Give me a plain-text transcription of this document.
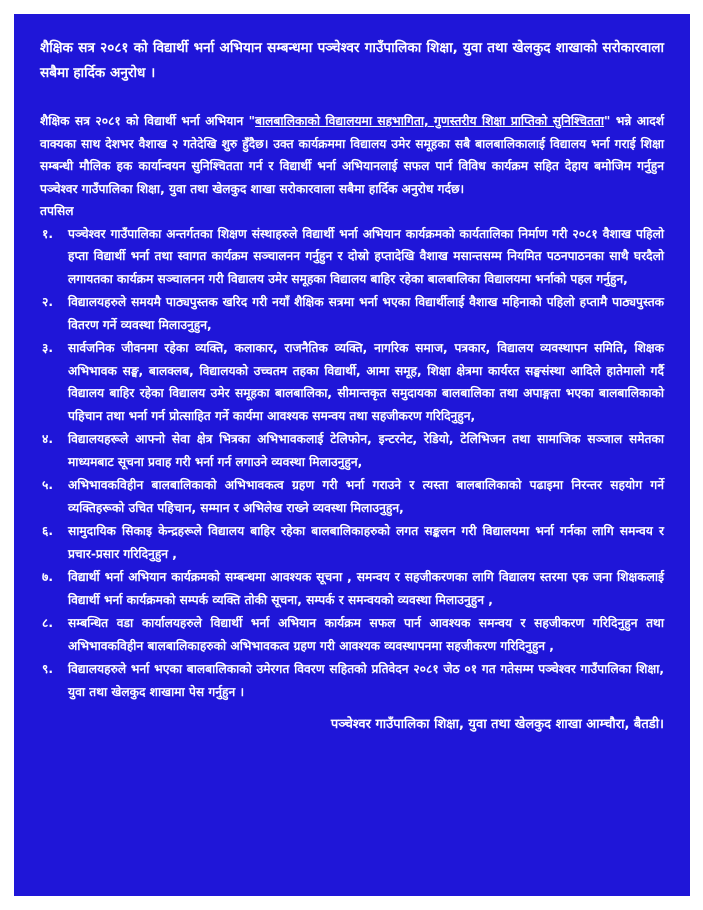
शैक्षिक सत्र २०८१ को विद्यार्थी भर्ना अभियान सम्बन्धमा पञ्चेश्वर गाउँपालिका शिक्षा, युवा तथा खेलकुद शाखाको सरोकारवाला सबैमा हार्दिक अनुरोध ।

शैक्षिक सत्र २०८१ को विद्यार्थी भर्ना अभियान "बालबालिकाको विद्यालयमा सहभागिता, गुणस्तरीय शिक्षा प्राप्तिको सुनिश्चितता" भन्ने आदर्श वाक्यका साथ देशभर वैशाख २ गतेदेखि शुरु हुँदैछ। उक्त कार्यक्रममा विद्यालय उमेर समूहका सबै बालबालिकालाई विद्यालय भर्ना गराई शिक्षा सम्बन्धी मौलिक हक कार्यान्वयन सुनिश्चितता गर्न र विद्यार्थी भर्ना अभियानलाई सफल पार्न विविध कार्यक्रम सहित देहाय बमोजिम गर्नुहुन पञ्चेश्वर गाउँपालिका शिक्षा, युवा तथा खेलकुद शाखा सरोकारवाला सबैमा हार्दिक अनुरोध गर्दछ।

तपसिल

१.	पञ्चेश्वर गाउँपालिका अन्तर्गतका शिक्षण संस्थाहरुले विद्यार्थी भर्ना अभियान कार्यक्रमको कार्यतालिका निर्माण गरी २०८१ वैशाख पहिलो हप्ता विद्यार्थी भर्ना तथा स्वागत कार्यक्रम सञ्चालनन गर्नुहुन र दोस्रो हप्तादेखि वैशाख मसान्तसम्म नियमित पठनपाठनका साथै घरदैलो लगायतका कार्यक्रम सञ्चालनन गरी विद्यालय उमेर समूहका विद्यालय बाहिर रहेका बालबालिका विद्यालयमा भर्नाको पहल गर्नुहुन,
२.	विद्यालयहरुले समयमै पाठ्यपुस्तक खरिद गरी नयाँ शैक्षिक सत्रमा भर्ना भएका विद्यार्थीलाई वैशाख महिनाको पहिलो हप्तामै पाठ्यपुस्तक वितरण गर्ने व्यवस्था मिलाउनुहुन,
३.	सार्वजनिक जीवनमा रहेका व्यक्ति, कलाकार, राजनैतिक व्यक्ति, नागरिक समाज, पत्रकार, विद्यालय व्यवस्थापन समिति, शिक्षक अभिभावक सङ्घ, बालक्लब, विद्यालयको उच्चतम तहका विद्यार्थी, आमा समूह, शिक्षा क्षेत्रमा कार्यरत सङ्घसंस्था आदिले हातेमालो गर्दै विद्यालय बाहिर रहेका विद्यालय उमेर समूहका बालबालिका, सीमान्तकृत समुदायका बालबालिका तथा अपाङ्गता भएका बालबालिकाको पहिचान तथा भर्ना गर्न प्रोत्साहित गर्ने कार्यमा आवश्यक समन्वय तथा सहजीकरण गरिदिनुहुन,
४.	विद्यालयहरूले आफ्नो सेवा क्षेत्र भित्रका अभिभावकलाई टेलिफोन, इन्टरनेट, रेडियो, टेलिभिजन तथा सामाजिक सञ्जाल समेतका माध्यमबाट सूचना प्रवाह गरी भर्ना गर्न लगाउने व्यवस्था मिलाउनुहुन,
५.	अभिभावकविहीन बालबालिकाको अभिभावकत्व ग्रहण गरी भर्ना गराउने र त्यस्ता बालबालिकाको पढाइमा निरन्तर सहयोग गर्ने व्यक्तिहरूको उचित पहिचान, सम्मान र अभिलेख राख्ने व्यवस्था मिलाउनुहुन,
६.	सामुदायिक सिकाइ केन्द्रहरूले विद्यालय बाहिर रहेका बालबालिकाहरुको लगत सङ्कलन गरी विद्यालयमा भर्ना गर्नका लागि समन्वय र प्रचार-प्रसार गरिदिनुहुन ,
७.	विद्यार्थी भर्ना अभियान कार्यक्रमको सम्बन्धमा आवश्यक सूचना , समन्वय र सहजीकरणका लागि विद्यालय स्तरमा एक जना शिक्षकलाई विद्यार्थी भर्ना कार्यक्रमको सम्पर्क व्यक्ति तोकी सूचना, सम्पर्क र समन्वयको व्यवस्था मिलाउनुहुन ,
८.	सम्बन्धित वडा कार्यालयहरुले विद्यार्थी भर्ना अभियान कार्यक्रम सफल पार्न आवश्यक समन्वय र सहजीकरण गरिदिनुहुन तथा अभिभावकविहीन बालबालिकाहरुको अभिभावकत्व ग्रहण गरी आवश्यक व्यवस्थापनमा सहजीकरण गरिदिनुहुन ,
९.	विद्यालयहरुले भर्ना भएका बालबालिकाको उमेरगत विवरण सहितको प्रतिवेदन २०८१ जेठ ०१ गत गतेसम्म पञ्चेश्वर गाउँपालिका शिक्षा, युवा तथा खेलकुद शाखामा पेस गर्नुहुन ।
पञ्चेश्वर गाउँपालिका शिक्षा, युवा तथा खेलकुद शाखा आम्चौरा, बैतडी।
